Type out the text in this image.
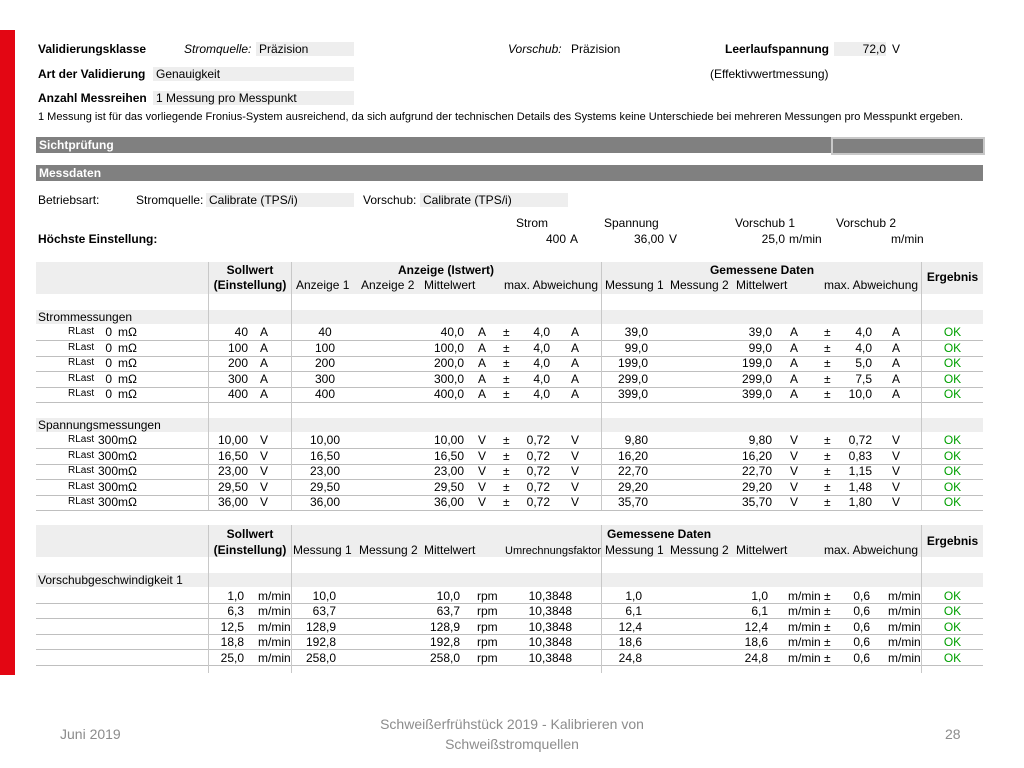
Validierungsklasse	Stromquelle: Präzision	Vorschub: Präzision	Leerlaufspannung	72,0 V
Art der Validierung Genauigkeit	(Effektivwertmessung)
Anzahl Messreihen 1 Messung pro Messpunkt
1 Messung ist für das vorliegende Fronius-System ausreichend, da sich aufgrund der technischen Details des Systems keine Unterschiede bei mehreren Messungen pro Messpunkt ergeben.
Sichtprüfung
Messdaten
Betriebsart:	Stromquelle: Calibrate (TPS/i)	Vorschub: Calibrate (TPS/i)
Strom	Spannung	Vorschub 1	Vorschub 2
Höchste Einstellung:	400 A	36,00 V	25,0 m/min	m/min
Sollwert
(Einstellung)
Anzeige (Istwert)
Anzeige 1 Anzeige 2 Mittelwert max. Abweichung
Gemessene Daten
Messung 1 Messung 2 Mittelwert	max. Abweichung
Ergebnis
Strommessungen
Spannungsmessungen
RLast 0 mΩ	40 A	40	40,0 A ±	4,0 A	39,0	39,0 A ±	4,0 A	OK
RLast 0 mΩ	100 A	100	100,0 A ±	4,0 A	99,0	99,0 A ±	4,0 A	OK
RLast 0 mΩ	200 A	200	200,0 A ±	4,0 A	199,0	199,0 A ±	5,0 A	OK
RLast 0 mΩ	300 A	300	300,0 A ±	4,0 A	299,0	299,0 A ±	7,5 A	OK
RLast 0 mΩ	400 A	400	400,0 A ±	4,0 A	399,0	399,0 A ±	10,0 A	OK
RLast 300 mΩ	10,00 V	10,00	10,00 V ±	0,72 V	9,80	9,80 V ±	0,72 V	OK
RLast 300 mΩ	16,50 V	16,50	16,50 V ±	0,72 V	16,20	16,20 V ±	0,83 V	OK
RLast 300 mΩ	23,00 V	23,00	23,00 V ±	0,72 V	22,70	22,70 V ±	1,15 V	OK
RLast 300 mΩ	29,50 V	29,50	29,50 V ±	0,72 V	29,20	29,20 V ±	1,48 V	OK
RLast 300 mΩ	36,00 V	36,00	36,00 V ±	0,72 V	35,70	35,70 V ±	1,80 V	OK
Sollwert
(Einstellung) Messung 1 Messung 2 Mittelwert	Umrechnungsfaktor
Gemessene Daten
Messung 1 Messung 2 Mittelwert	max. Abweichung
Ergebnis
Vorschubgeschwindigkeit 1
1,0 m/min	10,0	10,0 rpm	10,3848	1,0	1,0 m/min ±	0,6 m/min	OK
6,3 m/min	63,7	63,7 rpm	10,3848	6,1	6,1 m/min ±	0,6 m/min	OK
12,5 m/min	128,9	128,9 rpm	10,3848	12,4	12,4 m/min ±	0,6 m/min	OK
18,8 m/min	192,8	192,8 rpm	10,3848	18,6	18,6 m/min ±	0,6 m/min	OK
25,0 m/min	258,0	258,0 rpm	10,3848	24,8	24,8 m/min ±	0,6 m/min	OK
Juni 2019
Schweißerfrühstück 2019 - Kalibrieren von Schweißstromquellen
28
